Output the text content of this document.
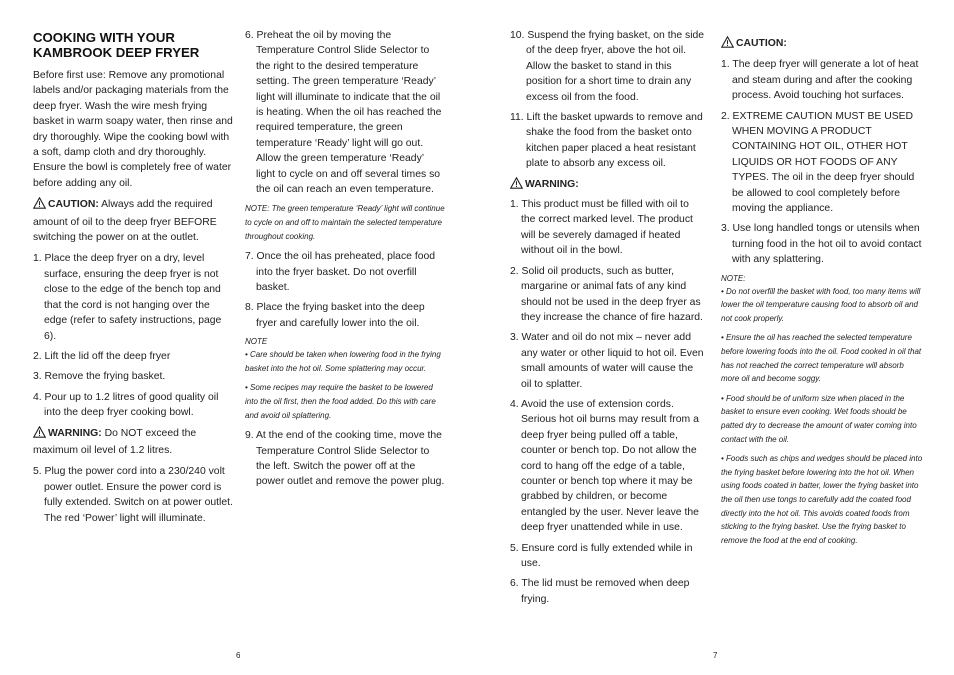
COOKING WITH YOUR
KAMBROOK DEEP FRYER

Before first use: Remove any promotional labels and/or packaging materials from the deep fryer. Wash the wire mesh frying basket in warm soapy water, then rinse and dry thoroughly. Wipe the cooking bowl with a soft, damp cloth and dry thoroughly. Ensure the bowl is completely free of water before adding any oil.

CAUTION: Always add the required amount of oil to the deep fryer BEFORE switching the power on at the outlet.

1. Place the deep fryer on a dry, level surface, ensuring the deep fryer is not close to the edge of the bench top and that the cord is not hanging over the edge (refer to safety instructions, page 6).
2. Lift the lid off the deep fryer
3. Remove the frying basket.
4. Pour up to 1.2 litres of good quality oil into the deep fryer cooking bowl.

WARNING: Do NOT exceed the maximum oil level of 1.2 litres.

5. Plug the power cord into a 230/240 volt power outlet. Ensure the power cord is fully extended. Switch on at power outlet. The red ‘Power’ light will illuminate.
6. Preheat the oil by moving the Temperature Control Slide Selector to the right to the desired temperature setting. The green temperature ‘Ready’ light will illuminate to indicate that the oil is heating. When the oil has reached the required temperature, the green temperature ‘Ready’ light will go out. Allow the green temperature ‘Ready’ light to cycle on and off several times so the oil can reach an even temperature.
NOTE: The green temperature ‘Ready’ light will continue to cycle on and off to maintain the selected temperature throughout cooking.
7. Once the oil has preheated, place food into the fryer basket. Do not overfill basket.
8. Place the frying basket into the deep fryer and carefully lower into the oil.
NOTE
• Care should be taken when lowering food in the frying basket into the hot oil. Some splattering may occur.
• Some recipes may require the basket to be lowered into the oil first, then the food added. Do this with care and avoid oil splattering.
9. At the end of the cooking time, move the Temperature Control Slide Selector to the left. Switch the power off at the power outlet and remove the power plug.
10. Suspend the frying basket, on the side of the deep fryer, above the hot oil. Allow the basket to stand in this position for a short time to drain any excess oil from the food.
11. Lift the basket upwards to remove and shake the food from the basket onto kitchen paper placed a heat resistant plate to absorb any excess oil.

WARNING:

1. This product must be filled with oil to the correct marked level. The product will be severely damaged if heated without oil in the bowl.
2. Solid oil products, such as butter, margarine or animal fats of any kind should not be used in the deep fryer as they increase the chance of fire hazard.
3. Water and oil do not mix – never add any water or other liquid to hot oil. Even small amounts of water will cause the oil to splatter.
4. Avoid the use of extension cords. Serious hot oil burns may result from a deep fryer being pulled off a table, counter or bench top. Do not allow the cord to hang off the edge of a table, counter or bench top where it may be grabbed by children, or become entangled by the user. Never leave the deep fryer unattended while in use.
5. Ensure cord is fully extended while in use.
6. The lid must be removed when deep frying.

CAUTION:

1. The deep fryer will generate a lot of heat and steam during and after the cooking process. Avoid touching hot surfaces.
2. EXTREME CAUTION MUST BE USED WHEN MOVING A PRODUCT CONTAINING HOT OIL, OTHER HOT LIQUIDS OR HOT FOODS OF ANY TYPES. The oil in the deep fryer should be allowed to cool completely before moving the appliance.
3. Use long handled tongs or utensils when turning food in the hot oil to avoid contact with any splattering.
NOTE:
• Do not overfill the basket with food, too many items will lower the oil temperature causing food to absorb oil and not cook properly.
• Ensure the oil has reached the selected temperature before lowering foods into the oil. Food cooked in oil that has not reached the correct temperature will absorb more oil and become soggy.
• Food should be of uniform size when placed in the basket to ensure even cooking. Wet foods should be patted dry to decrease the amount of water coming into contact with the oil.
• Foods such as chips and wedges should be placed into the frying basket before lowering into the hot oil. When using foods coated in batter, lower the frying basket into the oil then use tongs to carefully add the coated food directly into the hot oil. This avoids coated foods from sticking to the frying basket. Use the frying basket to remove the food at the end of cooking.
6	7
